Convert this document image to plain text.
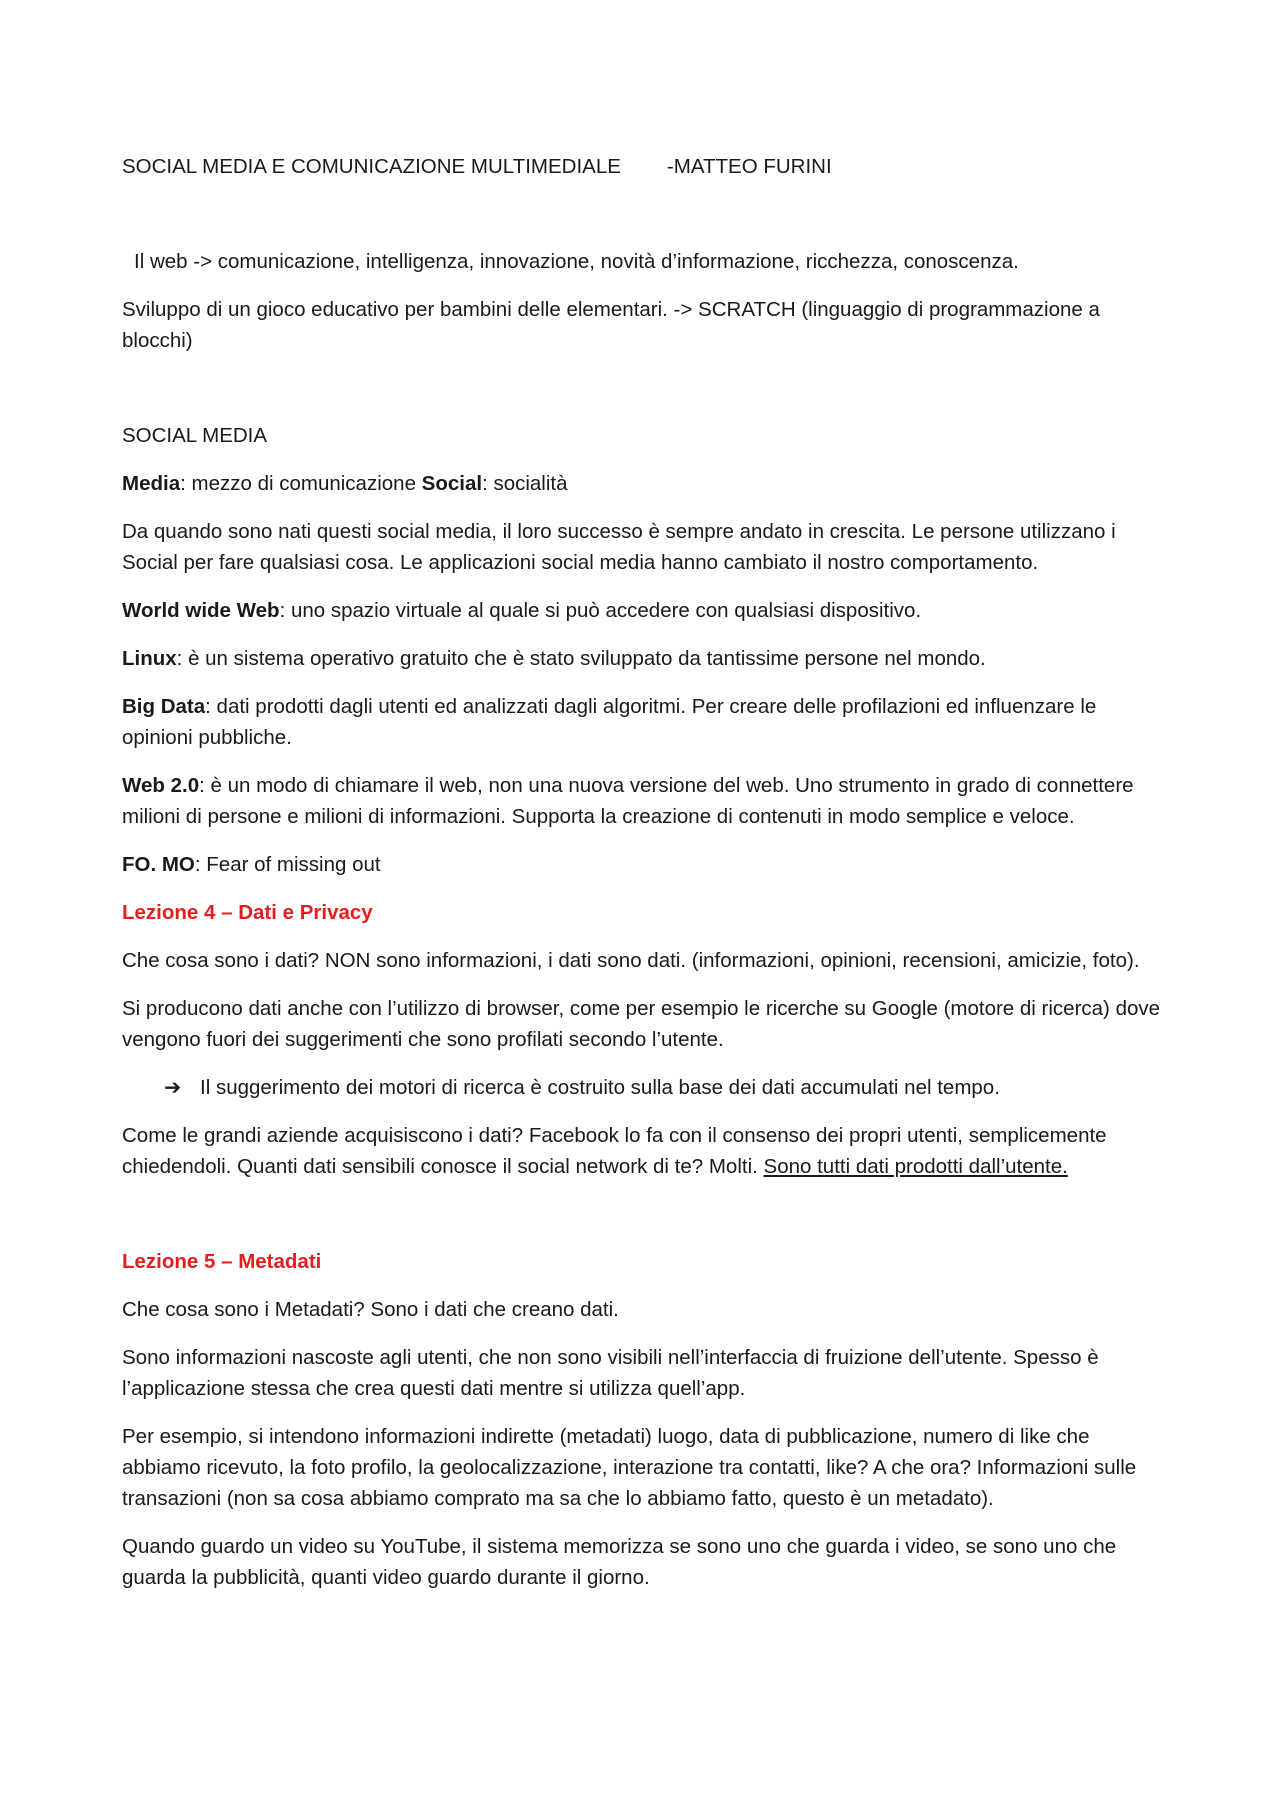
SOCIAL MEDIA E COMUNICAZIONE MULTIMEDIALE -MATTEO FURINI

Il web -> comunicazione, intelligenza, innovazione, novità d’informazione, ricchezza, conoscenza.

Sviluppo di un gioco educativo per bambini delle elementari. -> SCRATCH (linguaggio di programmazione a blocchi)

SOCIAL MEDIA

Media: mezzo di comunicazione Social: socialità

Da quando sono nati questi social media, il loro successo è sempre andato in crescita. Le persone utilizzano i Social per fare qualsiasi cosa. Le applicazioni social media hanno cambiato il nostro comportamento.

World wide Web: uno spazio virtuale al quale si può accedere con qualsiasi dispositivo.

Linux: è un sistema operativo gratuito che è stato sviluppato da tantissime persone nel mondo.

Big Data: dati prodotti dagli utenti ed analizzati dagli algoritmi. Per creare delle profilazioni ed influenzare le opinioni pubbliche.

Web 2.0: è un modo di chiamare il web, non una nuova versione del web. Uno strumento in grado di connettere milioni di persone e milioni di informazioni. Supporta la creazione di contenuti in modo semplice e veloce.

FO. MO: Fear of missing out

Lezione 4 – Dati e Privacy

Che cosa sono i dati? NON sono informazioni, i dati sono dati. (informazioni, opinioni, recensioni, amicizie, foto).

Si producono dati anche con l’utilizzo di browser, come per esempio le ricerche su Google (motore di ricerca) dove vengono fuori dei suggerimenti che sono profilati secondo l’utente.

➔ Il suggerimento dei motori di ricerca è costruito sulla base dei dati accumulati nel tempo.

Come le grandi aziende acquisiscono i dati? Facebook lo fa con il consenso dei propri utenti, semplicemente chiedendoli. Quanti dati sensibili conosce il social network di te? Molti. Sono tutti dati prodotti dall’utente.

Lezione 5 – Metadati

Che cosa sono i Metadati? Sono i dati che creano dati.

Sono informazioni nascoste agli utenti, che non sono visibili nell’interfaccia di fruizione dell’utente. Spesso è l’applicazione stessa che crea questi dati mentre si utilizza quell’app.

Per esempio, si intendono informazioni indirette (metadati) luogo, data di pubblicazione, numero di like che abbiamo ricevuto, la foto profilo, la geolocalizzazione, interazione tra contatti, like? A che ora? Informazioni sulle transazioni (non sa cosa abbiamo comprato ma sa che lo abbiamo fatto, questo è un metadato).

Quando guardo un video su YouTube, il sistema memorizza se sono uno che guarda i video, se sono uno che guarda la pubblicità, quanti video guardo durante il giorno.
